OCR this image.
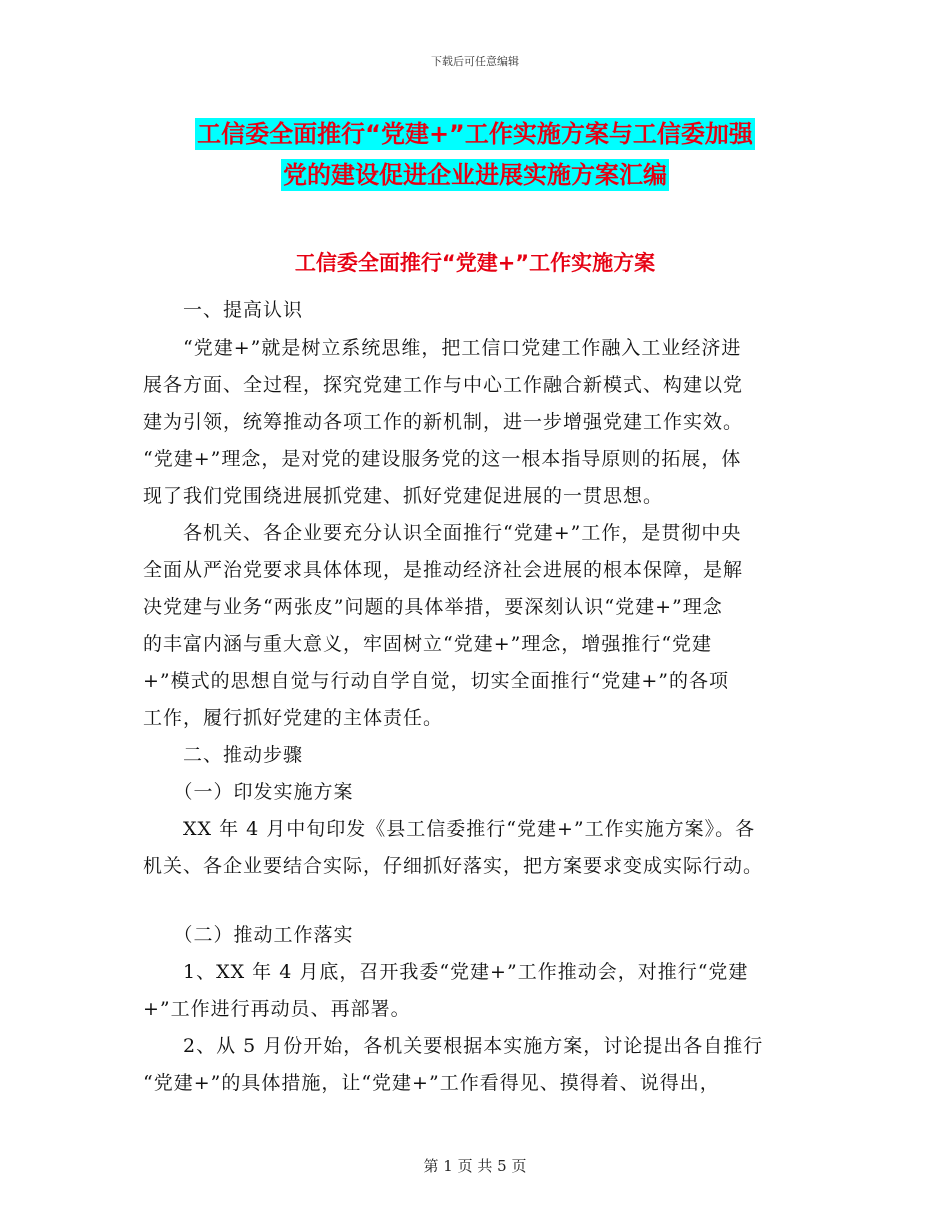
下载后可任意编辑
工信委全面推行“党建+”工作实施方案与工信委加强
党的建设促进企业进展实施方案汇编
工信委全面推行“党建+”工作实施方案
　　一、提高认识
　　“党建+”就是树立系统思维，把工信口党建工作融入工业经济进
展各方面、全过程，探究党建工作与中心工作融合新模式、构建以党
建为引领，统筹推动各项工作的新机制，进一步增强党建工作实效。
“党建+”理念，是对党的建设服务党的这一根本指导原则的拓展，体
现了我们党围绕进展抓党建、抓好党建促进展的一贯思想。
　　各机关、各企业要充分认识全面推行“党建+”工作，是贯彻中央
全面从严治党要求具体体现，是推动经济社会进展的根本保障，是解
决党建与业务“两张皮”问题的具体举措，要深刻认识“党建+”理念
的丰富内涵与重大意义，牢固树立“党建+”理念，增强推行“党建
+”模式的思想自觉与行动自学自觉，切实全面推行“党建+”的各项
工作，履行抓好党建的主体责任。
　　二、推动步骤
　　（一）印发实施方案
　　XX 年 4 月中旬印发《县工信委推行“党建+”工作实施方案》。各
机关、各企业要结合实际，仔细抓好落实，把方案要求变成实际行动。
　　（二）推动工作落实
　　1、XX 年 4 月底，召开我委“党建+”工作推动会，对推行“党建
+”工作进行再动员、再部署。
　　2、从 5 月份开始，各机关要根据本实施方案，讨论提出各自推行
“党建+”的具体措施，让“党建+”工作看得见、摸得着、说得出，
第 1 页 共 5 页
